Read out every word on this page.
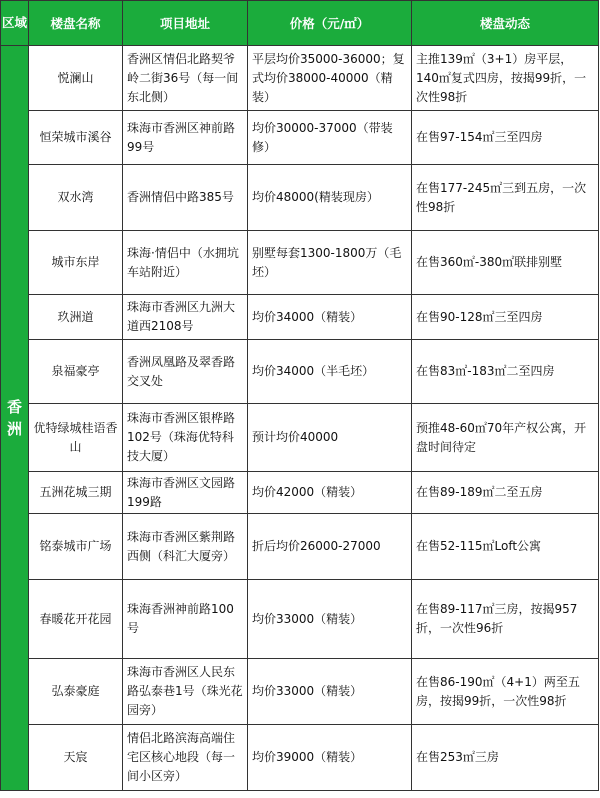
区域	楼盘名称	项目地址	价格（元/㎡）	楼盘动态
香洲	悦澜山	香洲区情侣北路契爷岭二街36号（每一间东北侧）	平层均价35000-36000；复式均价38000-40000（精装）	主推139㎡（3+1）房平层，140㎡复式四房，按揭99折，一次性98折
	恒荣城市溪谷	珠海市香洲区神前路99号	均价30000-37000（带装修）	在售97-154㎡三至四房
	双水湾	香洲情侣中路385号	均价48000(精装现房）	在售177-245㎡三到五房，一次性98折
	城市东岸	珠海·情侣中（水拥坑车站附近）	别墅每套1300-1800万（毛坯）	在售360㎡-380㎡联排别墅
	玖洲道	珠海市香洲区九洲大道西2108号	均价34000（精装）	在售90-128㎡三至四房
	泉福豪亭	香洲凤凰路及翠香路交叉处	均价34000（半毛坯）	在售83㎡-183㎡二至四房
	优特绿城桂语香山	珠海市香洲区银桦路102号（珠海优特科技大厦）	预计均价40000	预推48-60㎡70年产权公寓，开盘时间待定
	五洲花城三期	珠海市香洲区文园路199路	均价42000（精装）	在售89-189㎡二至五房
	铭泰城市广场	珠海市香洲区紫荆路西侧（科汇大厦旁）	折后均价26000-27000	在售52-115㎡Loft公寓
	春暖花开花园	珠海香洲神前路100号	均价33000（精装）	在售89-117㎡三房，按揭957折，一次性96折
	弘泰豪庭	珠海市香洲区人民东路弘泰巷1号（珠光花园旁）	均价33000（精装）	在售86-190㎡（4+1）两至五房，按揭99折，一次性98折
	天宸	情侣北路滨海高端住宅区核心地段（每一间小区旁）	均价39000（精装）	在售253㎡三房
